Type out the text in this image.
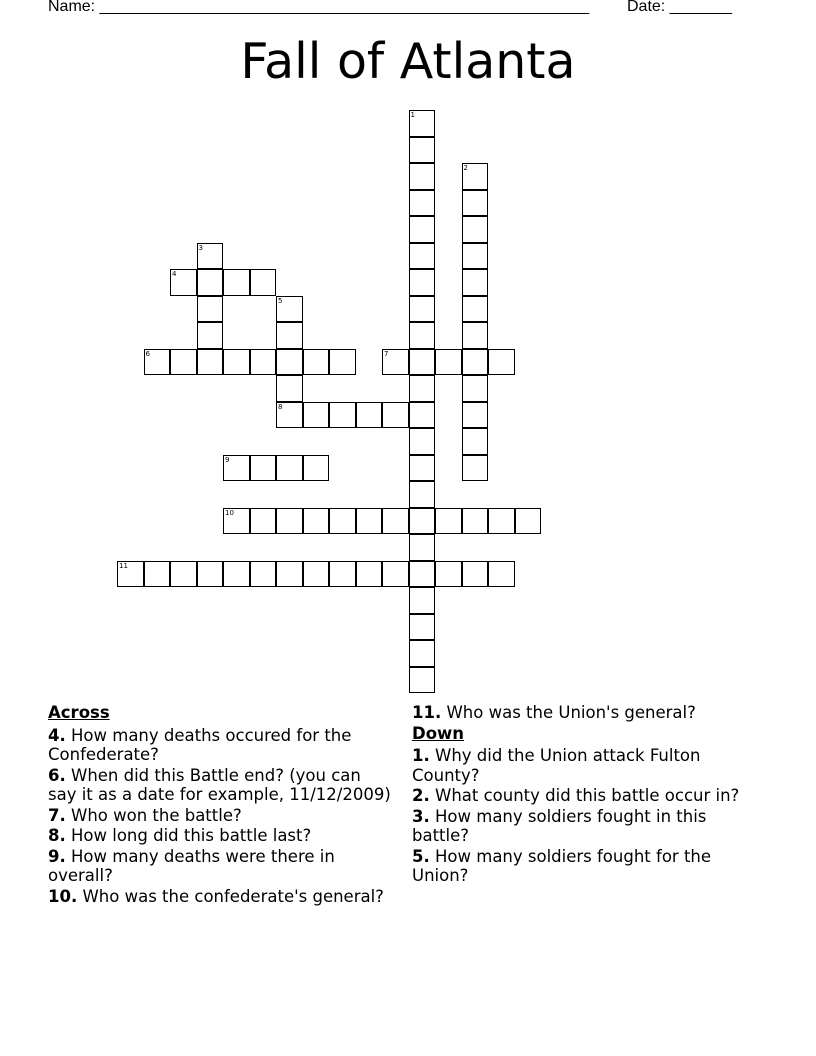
Name: _______________________________________________________ Date: _______
Fall of Atlanta
1
2
3
4
5
8
6	7
9
10
11
Across
4. How many deaths occured for the Confederate?
6. When did this Battle end? (you can say it as a date for example, 11/12/2009)
7. Who won the battle?
8. How long did this battle last?
9. How many deaths were there in overall?
10. Who was the confederate's general?
11. Who was the Union's general?
Down
1. Why did the Union attack Fulton County?
2. What county did this battle occur in?
3. How many soldiers fought in this battle?
5. How many soldiers fought for the Union?
